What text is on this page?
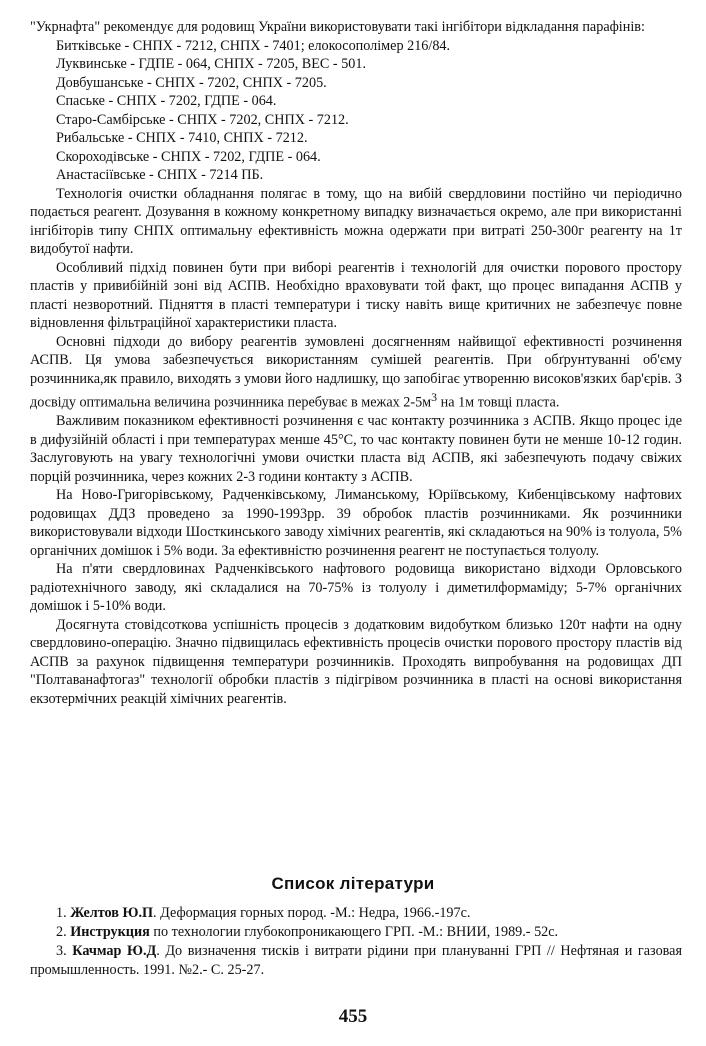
"Укрнафта" рекомендує для родовищ України використовувати такі інгібітори відкладання парафінів:

Битківське - СНПХ - 7212, СНПХ - 7401; елокосополімер 216/84.
Луквинське - ГДПЕ - 064, СНПХ - 7205, ВЕС - 501.
Довбушанське - СНПХ - 7202, СНПХ - 7205.
Спаське - СНПХ - 7202, ГДПЕ - 064.
Старо-Самбірське - СНПХ - 7202, СНПХ - 7212.
Рибальське - СНПХ - 7410, СНПХ - 7212.
Скороходівське - СНПХ - 7202, ГДПЕ - 064.
Анастасіївське - СНПХ - 7214 ПБ.

Технологія очистки обладнання полягає в тому, що на вибій свердловини постійно чи періодично подається реагент. Дозування в кожному конкретному випадку визначається окремо, але при використанні інгібіторів типу СНПХ оптимальну ефективність можна одержати при витраті 250-300г реагенту на 1т видобутої нафти.

Особливий підхід повинен бути при виборі реагентів і технологій для очистки порового простору пластів у привибійній зоні від АСПВ. Необхідно враховувати той факт, що процес випадання АСПВ у пласті незворотний. Підняття в пласті температури і тиску навіть вище критичних не забезпечує повне відновлення фільтраційної характеристики пласта.

Основні підходи до вибору реагентів зумовлені досягненням найвищої ефективності розчинення АСПВ. Ця умова забезпечується використанням сумішей реагентів. При обґрунтуванні об'єму розчинника,як правило, виходять з умови його надлишку, що запобігає утворенню високов'язких бар'єрів. З досвіду оптимальна величина розчинника перебуває в межах $2-5м^3$ на 1м товщі пласта.

Важливим показником ефективності розчинення є час контакту розчинника з АСПВ. Якщо процес іде в дифузійній області і при температурах менше 45°С, то час контакту повинен бути не менше 10-12 годин. Заслуговують на увагу технологічні умови очистки пласта від АСПВ, які забезпечують подачу свіжих порцій розчинника, через кожних 2-3 години контакту з АСПВ.

На Ново-Григорівському, Радченківському, Лиманському, Юріївському, Кибенцівському нафтових родовищах ДДЗ проведено за 1990-1993рр. 39 обробок пластів розчинниками. Як розчинники використовували відходи Шосткинського заводу хімічних реагентів, які складаються на 90% із толуола, 5% органічних домішок і 5% води. За ефективністю розчинення реагент не поступається толуолу.

На п'яти свердловинах Радченківського нафтового родовища використано відходи Орловського радіотехнічного заводу, які складалися на 70-75% із толуолу і диметилформаміду; 5-7% органічних домішок і 5-10% води.

Досягнута стовідсоткова успішність процесів з додатковим видобутком близько 120т нафти на одну свердловино-операцію. Значно підвищилась ефективність процесів очистки порового простору пластів від АСПВ за рахунок підвищення температури розчинників. Проходять випробування на родовищах ДП "Полтаванафтогаз" технології обробки пластів з підігрівом розчинника в пласті на основі використання екзотермічних реакцій хімічних реагентів.

Список літератури

1. Желтов Ю.П. Деформация горных пород. -М.: Недра, 1966.-197с.

2. Инструкция по технологии глубокопроникающего ГРП. -М.: ВНИИ, 1989.- 52с.

3. Качмар Ю.Д. До визначення тисків і витрати рідини при плануванні ГРП // Нефтяная и газовая промышленность. 1991. №2.- С. 25-27.

455
